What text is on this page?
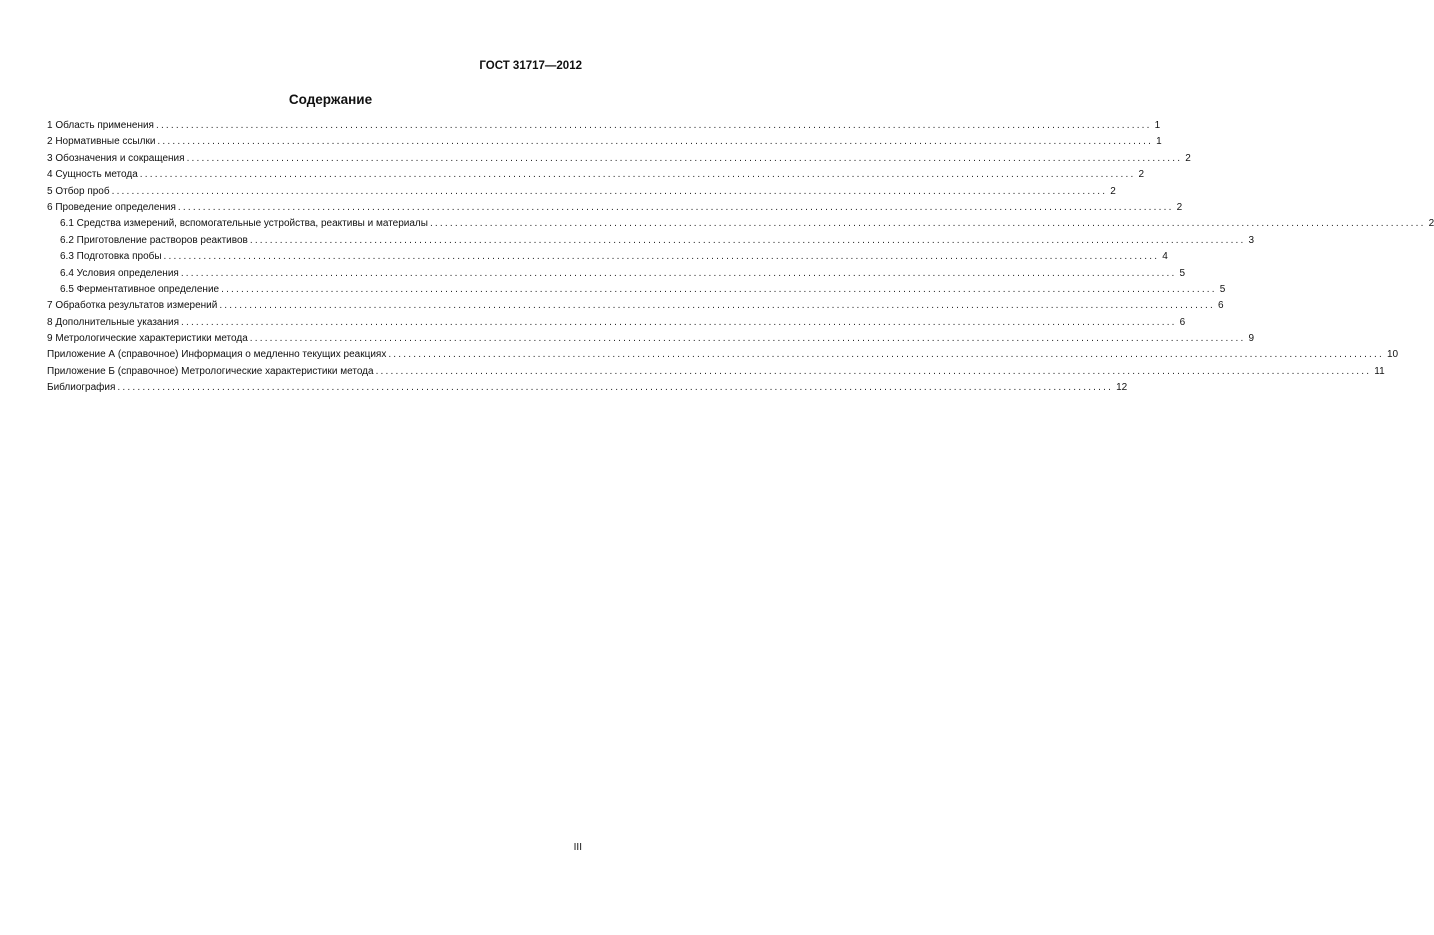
ГОСТ 31717—2012
Содержание
1 Область применения ........................................................................................................................................................................................................ 1
2 Нормативные ссылки ........................................................................................................................................................................................................ 1
3 Обозначения и сокращения ........................................................................................................................................................................................................ 2
4 Сущность метода ........................................................................................................................................................................................................ 2
5 Отбор проб ........................................................................................................................................................................................................ 2
6 Проведение определения ........................................................................................................................................................................................................ 2
6.1 Средства измерений, вспомогательные устройства, реактивы и материалы ........................................................................................................................................................................................................ 2
6.2 Приготовление растворов реактивов ........................................................................................................................................................................................................ 3
6.3 Подготовка пробы ........................................................................................................................................................................................................ 4
6.4 Условия определения ........................................................................................................................................................................................................ 5
6.5 Ферментативное определение ........................................................................................................................................................................................................ 5
7 Обработка результатов измерений ........................................................................................................................................................................................................ 6
8 Дополнительные указания ........................................................................................................................................................................................................ 6
9 Метрологические характеристики метода ........................................................................................................................................................................................................ 9
Приложение А (справочное) Информация о медленно текущих реакциях ........................................................................................................................................................................................................ 10
Приложение Б (справочное) Метрологические характеристики метода ........................................................................................................................................................................................................ 11
Библиография ........................................................................................................................................................................................................ 12
III
